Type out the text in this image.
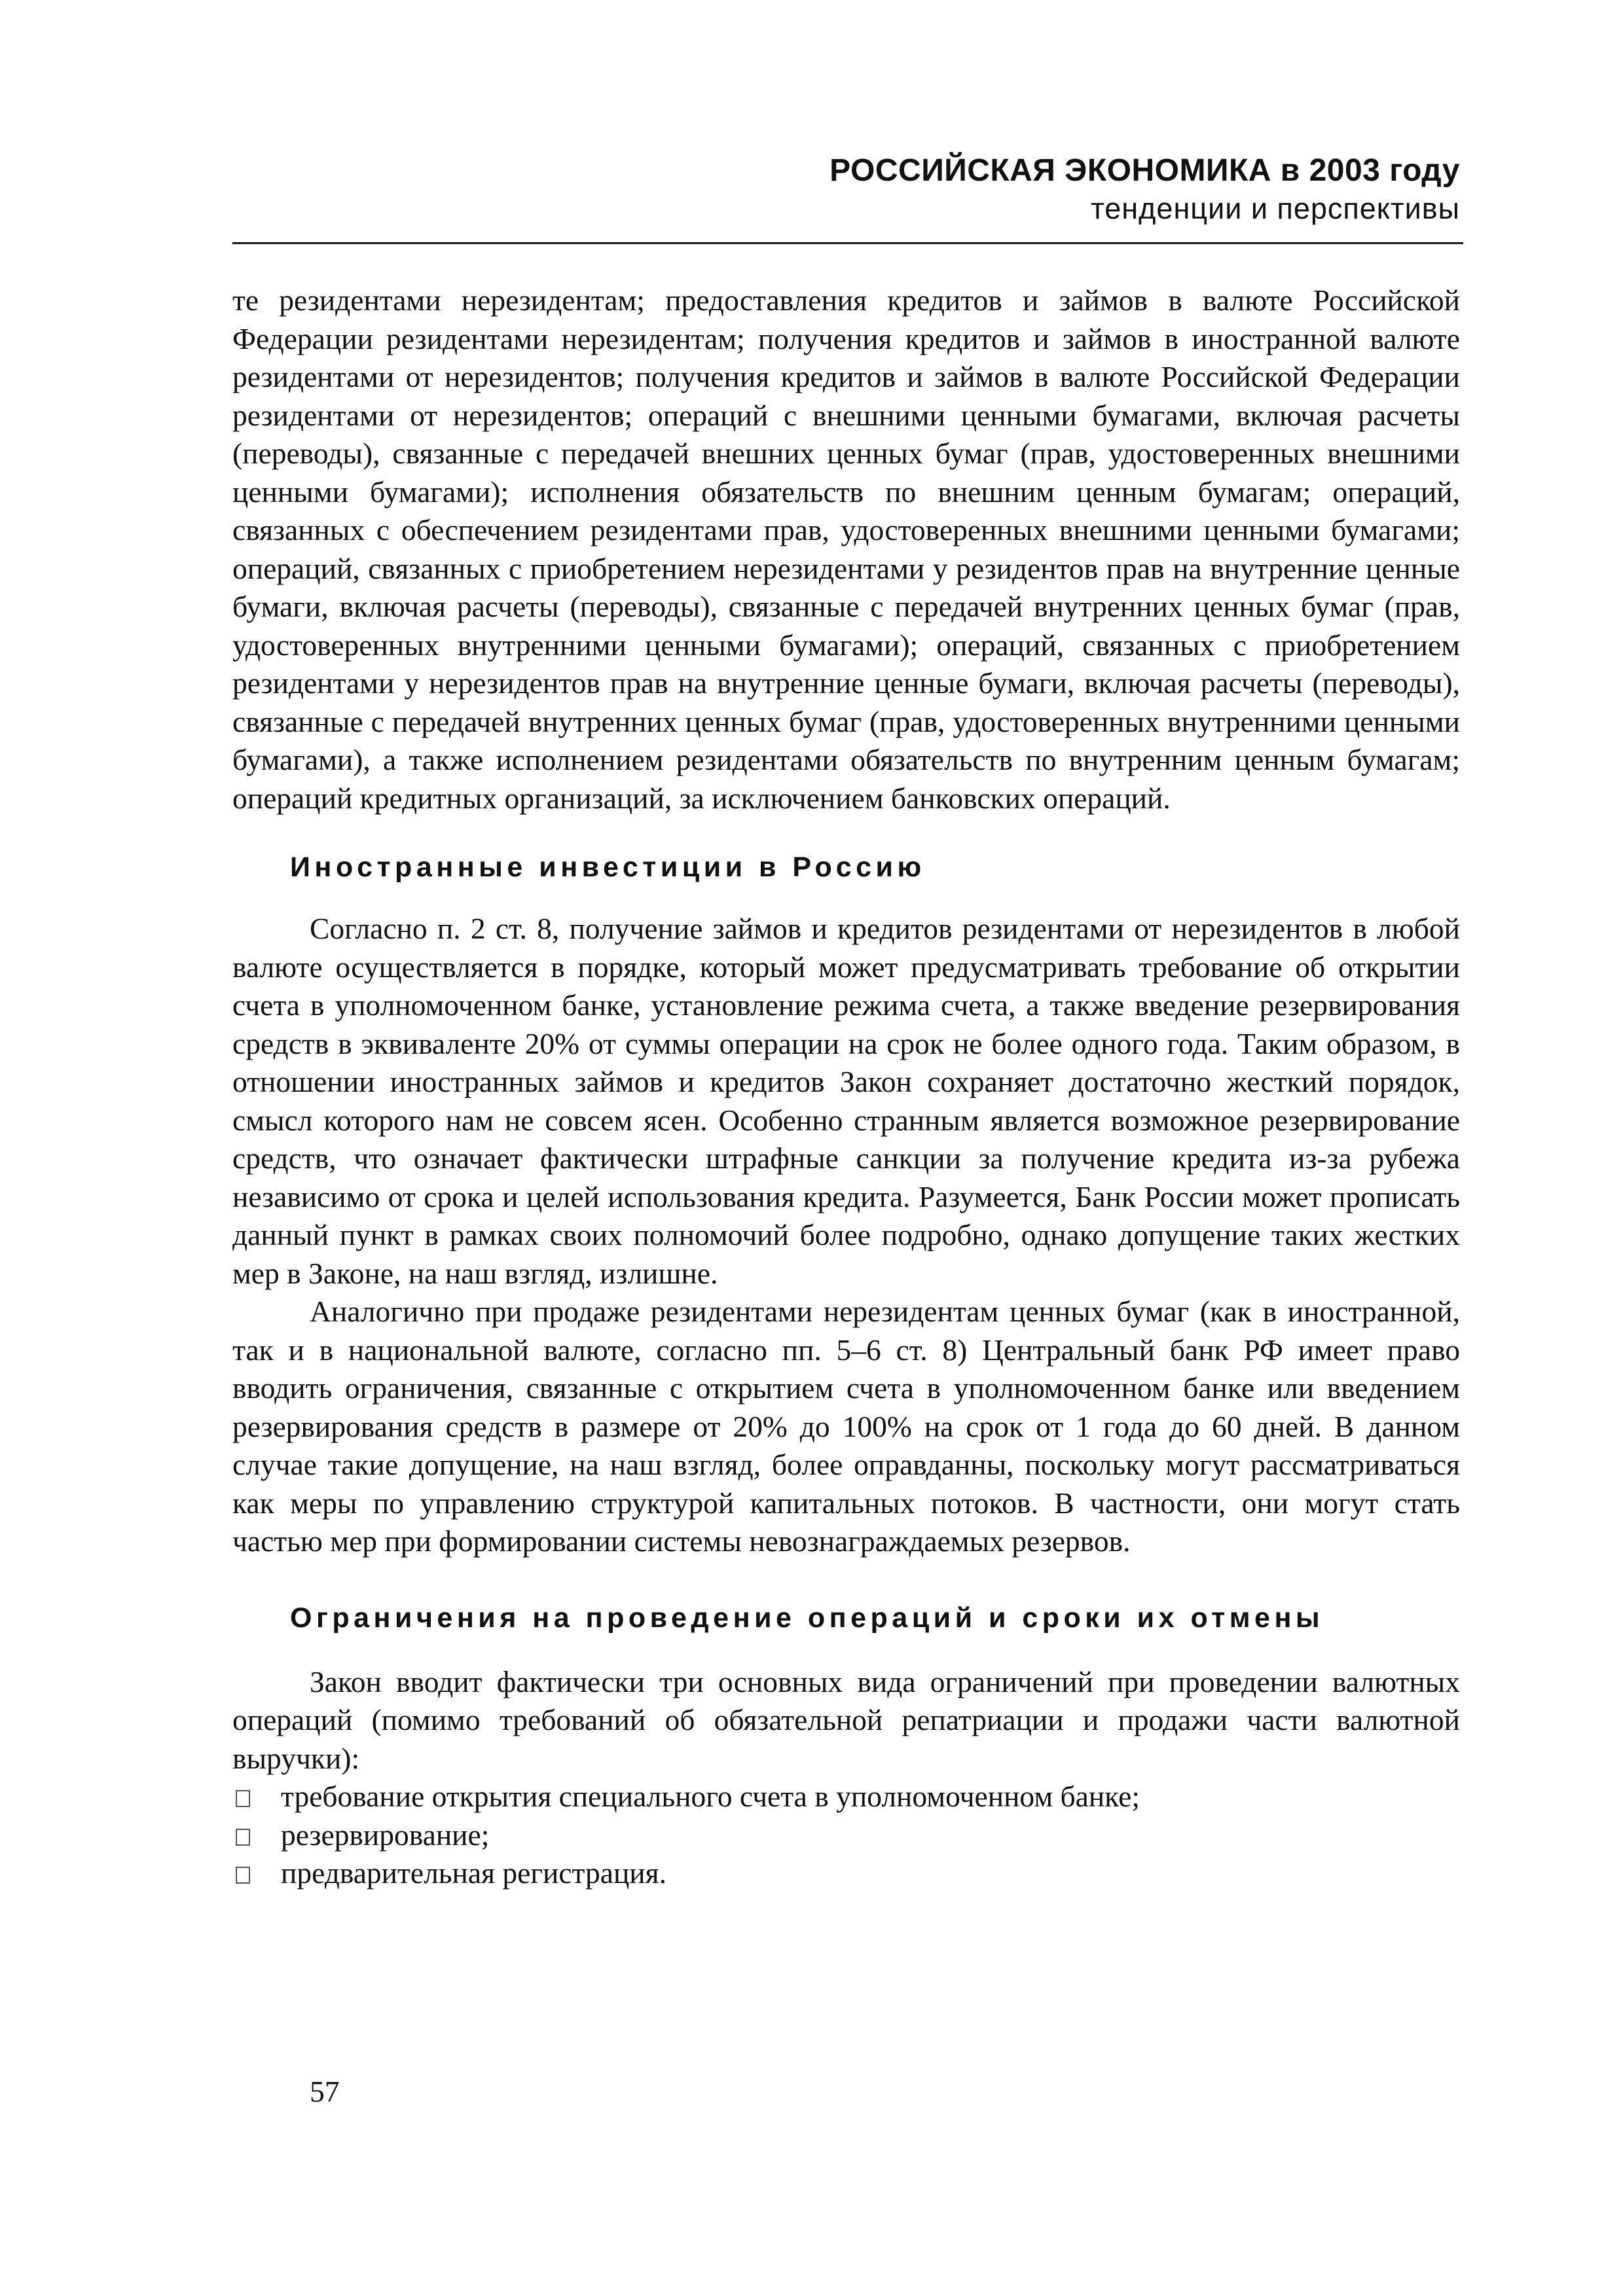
РОССИЙСКАЯ ЭКОНОМИКА в 2003 году
тенденции и перспективы

те резидентами нерезидентам; предоставления кредитов и займов в валюте Российской Федерации резидентами нерезидентам; получения кредитов и займов в иностранной валюте резидентами от нерезидентов; получения кредитов и займов в валюте Российской Федерации резидентами от нерезидентов; операций с внешними ценными бумагами, включая расчеты (переводы), связанные с передачей внешних ценных бумаг (прав, удостоверенных внешними ценными бумагами); исполнения обязательств по внешним ценным бумагам; операций, связанных с обеспечением резидентами прав, удостоверенных внешними ценными бумагами; операций, связанных с приобретением нерезидентами у резидентов прав на внутренние ценные бумаги, включая расчеты (переводы), связанные с передачей внутренних ценных бумаг (прав, удостоверенных внутренними ценными бумагами); операций, связанных с приобретением резидентами у нерезидентов прав на внутренние ценные бумаги, включая расчеты (переводы), связанные с передачей внутренних ценных бумаг (прав, удостоверенных внутренними ценными бумагами), а также исполнением резидентами обязательств по внутренним ценным бумагам; операций кредитных организаций, за исключением банковских операций.

Иностранные инвестиции в Россию

Согласно п. 2 ст. 8, получение займов и кредитов резидентами от нерезидентов в любой валюте осуществляется в порядке, который может предусматривать требование об открытии счета в уполномоченном банке, установление режима счета, а также введение резервирования средств в эквиваленте 20% от суммы операции на срок не более одного года. Таким образом, в отношении иностранных займов и кредитов Закон сохраняет достаточно жесткий порядок, смысл которого нам не совсем ясен. Особенно странным является возможное резервирование средств, что означает фактически штрафные санкции за получение кредита из-за рубежа независимо от срока и целей использования кредита. Разумеется, Банк России может прописать данный пункт в рамках своих полномочий более подробно, однако допущение таких жестких мер в Законе, на наш взгляд, излишне.

Аналогично при продаже резидентами нерезидентам ценных бумаг (как в иностранной, так и в национальной валюте, согласно пп. 5–6 ст. 8) Центральный банк РФ имеет право вводить ограничения, связанные с открытием счета в уполномоченном банке или введением резервирования средств в размере от 20% до 100% на срок от 1 года до 60 дней. В данном случае такие допущение, на наш взгляд, более оправданны, поскольку могут рассматриваться как меры по управлению структурой капитальных потоков. В частности, они могут стать частью мер при формировании системы невознаграждаемых резервов.

Ограничения на проведение операций и сроки их отмены

Закон вводит фактически три основных вида ограничений при проведении валютных операций (помимо требований об обязательной репатриации и продажи части валютной выручки):

требование открытия специального счета в уполномоченном банке;
резервирование;
предварительная регистрация.
57
